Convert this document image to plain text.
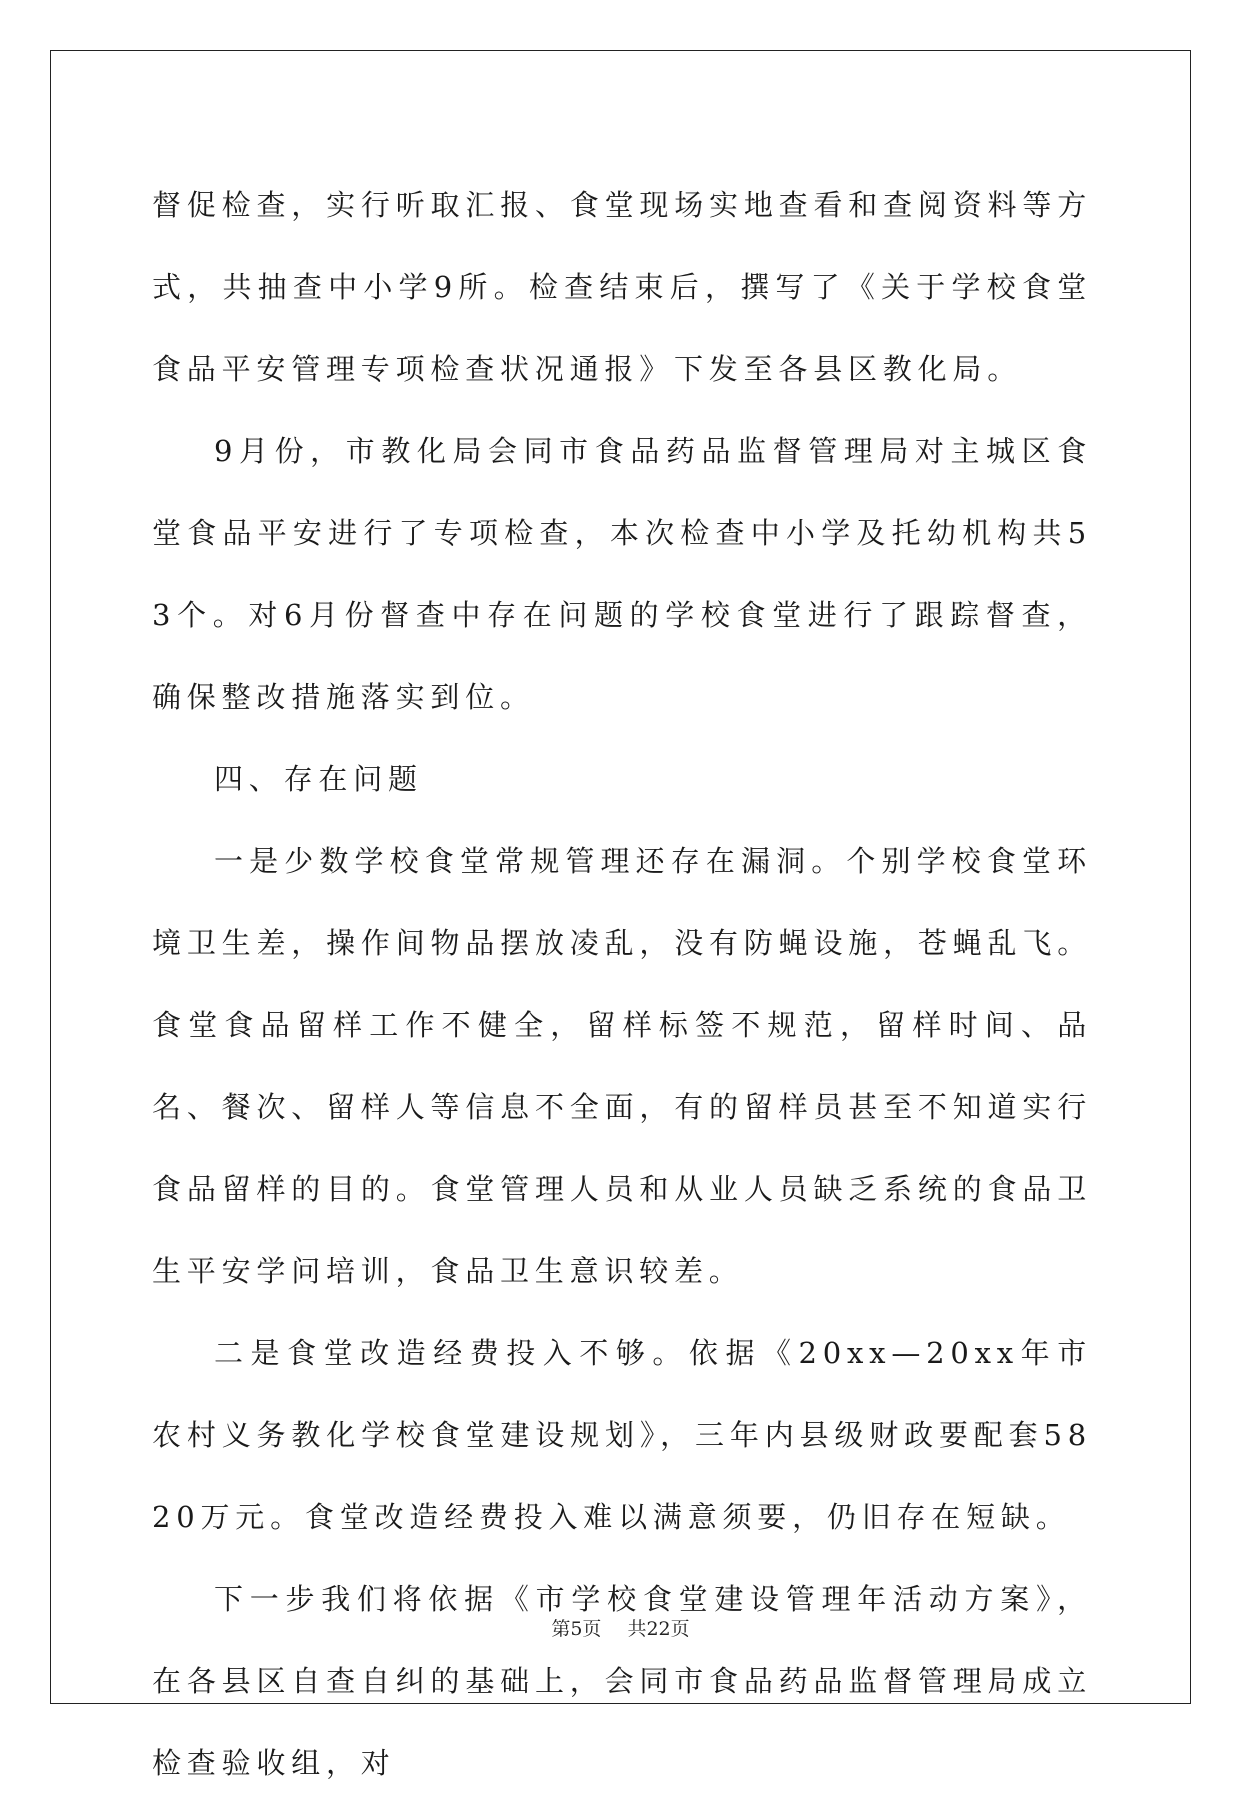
督促检查，实行听取汇报、食堂现场实地查看和查阅资料等方式，共抽查中小学9所。检查结束后，撰写了《关于学校食堂食品平安管理专项检查状况通报》下发至各县区教化局。

9月份，市教化局会同市食品药品监督管理局对主城区食堂食品平安进行了专项检查，本次检查中小学及托幼机构共53个。对6月份督查中存在问题的学校食堂进行了跟踪督查，确保整改措施落实到位。

四、存在问题

一是少数学校食堂常规管理还存在漏洞。个别学校食堂环境卫生差，操作间物品摆放凌乱，没有防蝇设施，苍蝇乱飞。食堂食品留样工作不健全，留样标签不规范，留样时间、品名、餐次、留样人等信息不全面，有的留样员甚至不知道实行食品留样的目的。食堂管理人员和从业人员缺乏系统的食品卫生平安学问培训，食品卫生意识较差。

二是食堂改造经费投入不够。依据《20xx—20xx年市农村义务教化学校食堂建设规划》，三年内县级财政要配套5820万元。食堂改造经费投入难以满意须要，仍旧存在短缺。

下一步我们将依据《市学校食堂建设管理年活动方案》，在各县区自查自纠的基础上，会同市食品药品监督管理局成立检查验收组，对

第5页 共22页
